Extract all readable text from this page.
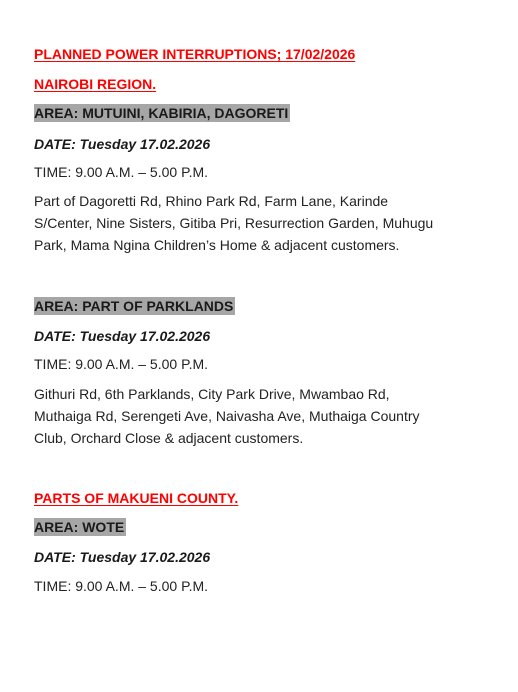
PLANNED POWER INTERRUPTIONS; 17/02/2026
NAIROBI REGION.
AREA: MUTUINI, KABIRIA, DAGORETI
DATE: Tuesday 17.02.2026
TIME: 9.00 A.M. – 5.00 P.M.
Part of Dagoretti Rd, Rhino Park Rd, Farm Lane, Karinde
S/Center, Nine Sisters, Gitiba Pri, Resurrection Garden, Muhugu
Park, Mama Ngina Children’s Home & adjacent customers.
AREA: PART OF PARKLANDS
DATE: Tuesday 17.02.2026
TIME: 9.00 A.M. – 5.00 P.M.
Githuri Rd, 6th Parklands, City Park Drive, Mwambao Rd,
Muthaiga Rd, Serengeti Ave, Naivasha Ave, Muthaiga Country
Club, Orchard Close & adjacent customers.
PARTS OF MAKUENI COUNTY.
AREA: WOTE
DATE: Tuesday 17.02.2026
TIME: 9.00 A.M. – 5.00 P.M.
